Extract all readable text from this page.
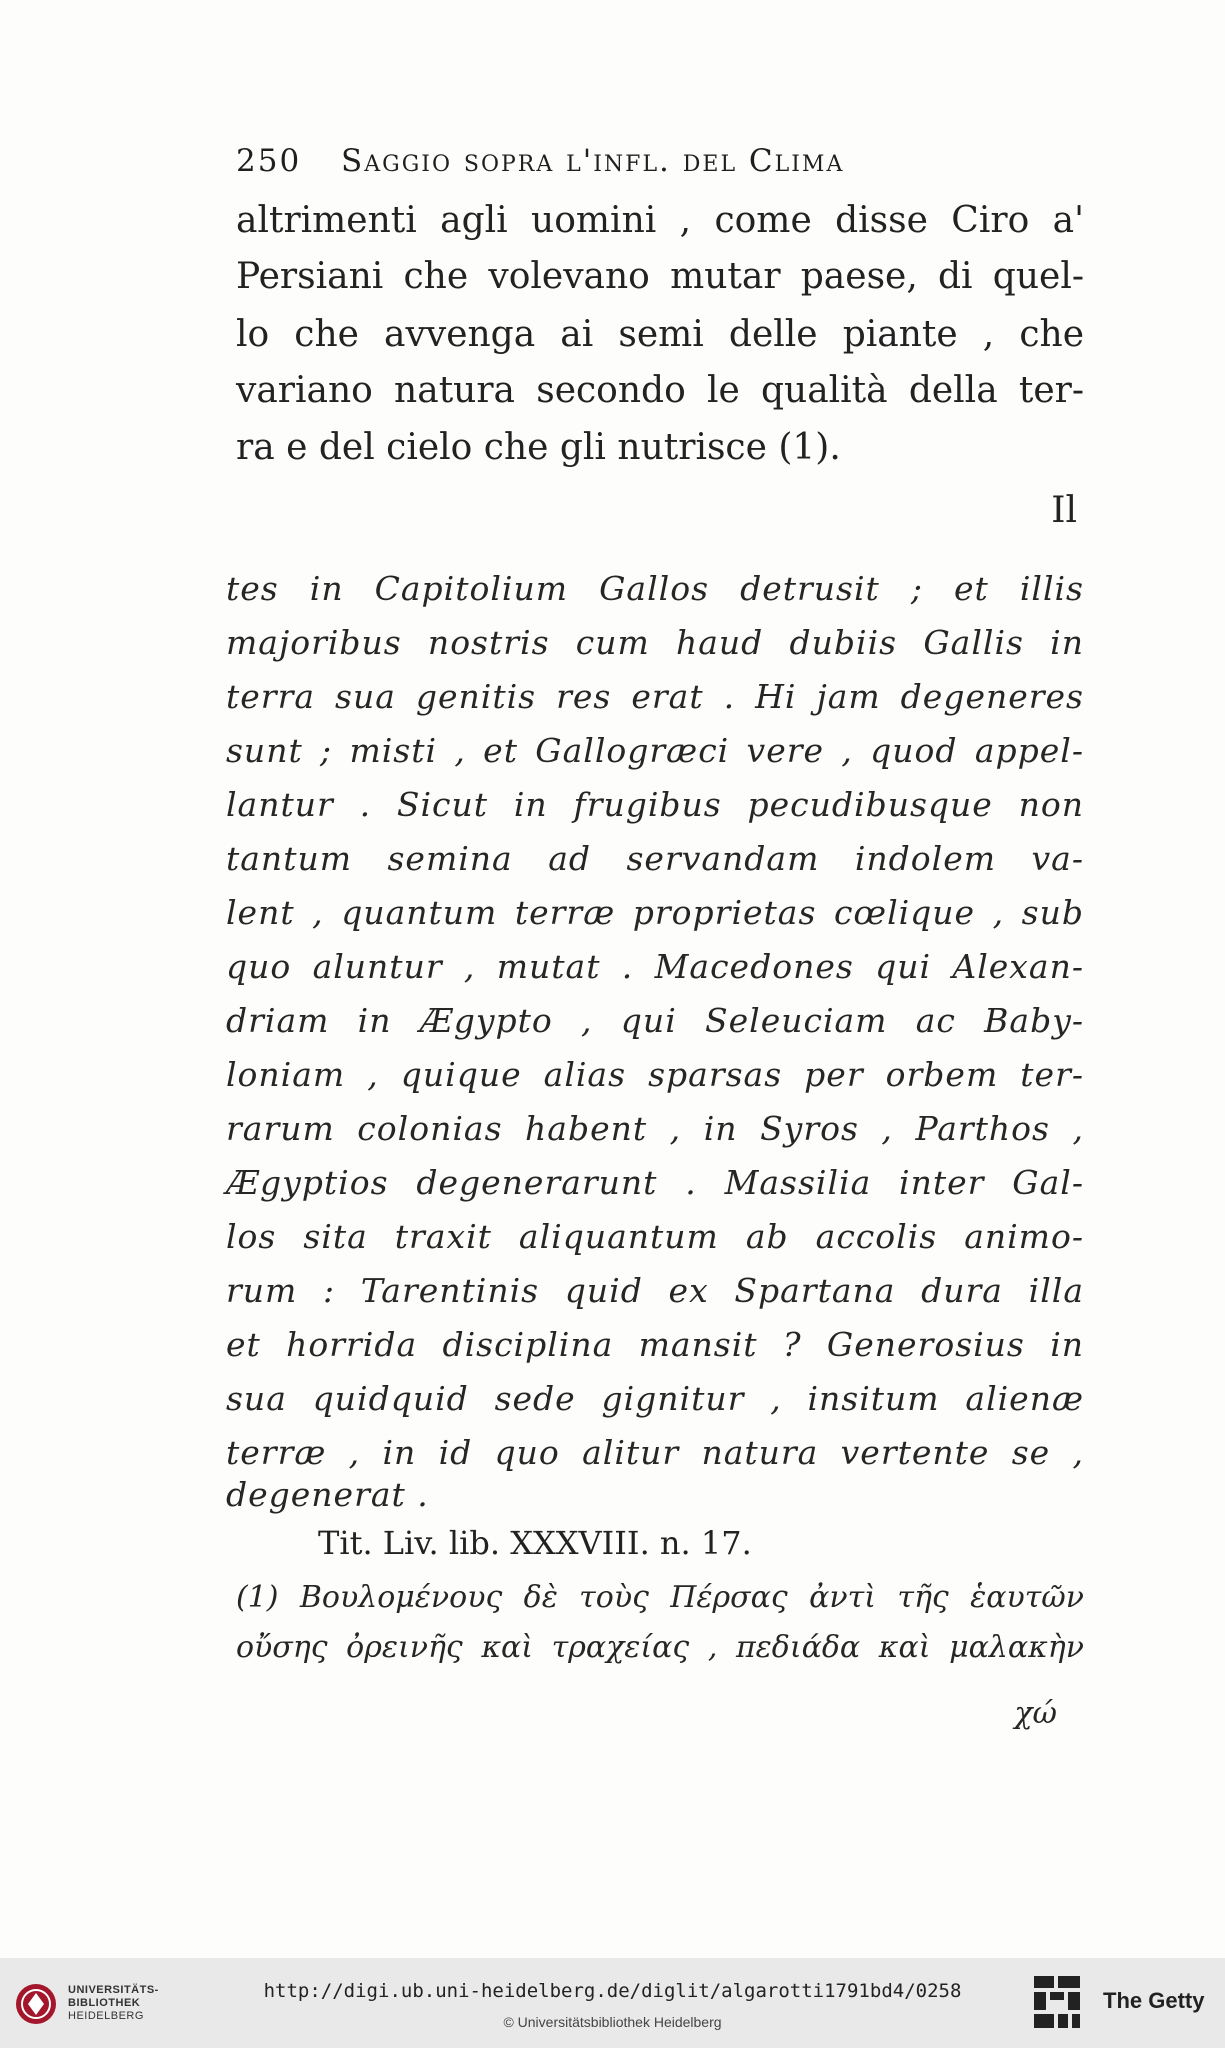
250 Saggio sopra l'infl. del Clima
altrimenti agli uomini , come disse Ciro a'
Persiani che volevano mutar paese, di quel-
lo che avvenga ai semi delle piante , che
variano natura secondo le qualità della ter-
ra e del cielo che gli nutrisce (1).
Il
tes in Capitolium Gallos detrusit ; et illis
majoribus nostris cum haud dubiis Gallis in
terra sua genitis res erat . Hi jam degeneres
sunt ; misti , et Gallogræci vere , quod appel-
lantur . Sicut in frugibus pecudibusque non
tantum semina ad servandam indolem va-
lent , quantum terræ proprietas cœlique , sub
quo aluntur , mutat . Macedones qui Alexan-
driam in Ægypto , qui Seleuciam ac Baby-
loniam , quique alias sparsas per orbem ter-
rarum colonias habent , in Syros , Parthos ,
Ægyptios degenerarunt . Massilia inter Gal-
los sita traxit aliquantum ab accolis animo-
rum : Tarentinis quid ex Spartana dura illa
et horrida disciplina mansit ? Generosius in
sua quidquid sede gignitur , insitum alienæ
terræ , in id quo alitur natura vertente se ,
degenerat .
Tit. Liv. lib. XXXVIII. n. 17.
(1) Βουλομένους δὲ τοὺς Πέρσας ἀντὶ τῆς ἑαυτῶν
οὔσης ὀρεινῆς καὶ τραχείας , πεδιάδα καὶ μαλακὴν
χώ
UNIVERSITÄTS-
BIBLIOTHEK
HEIDELBERG
http://digi.ub.uni-heidelberg.de/diglit/algarotti1791bd4/0258
© Universitätsbibliothek Heidelberg
The Getty
